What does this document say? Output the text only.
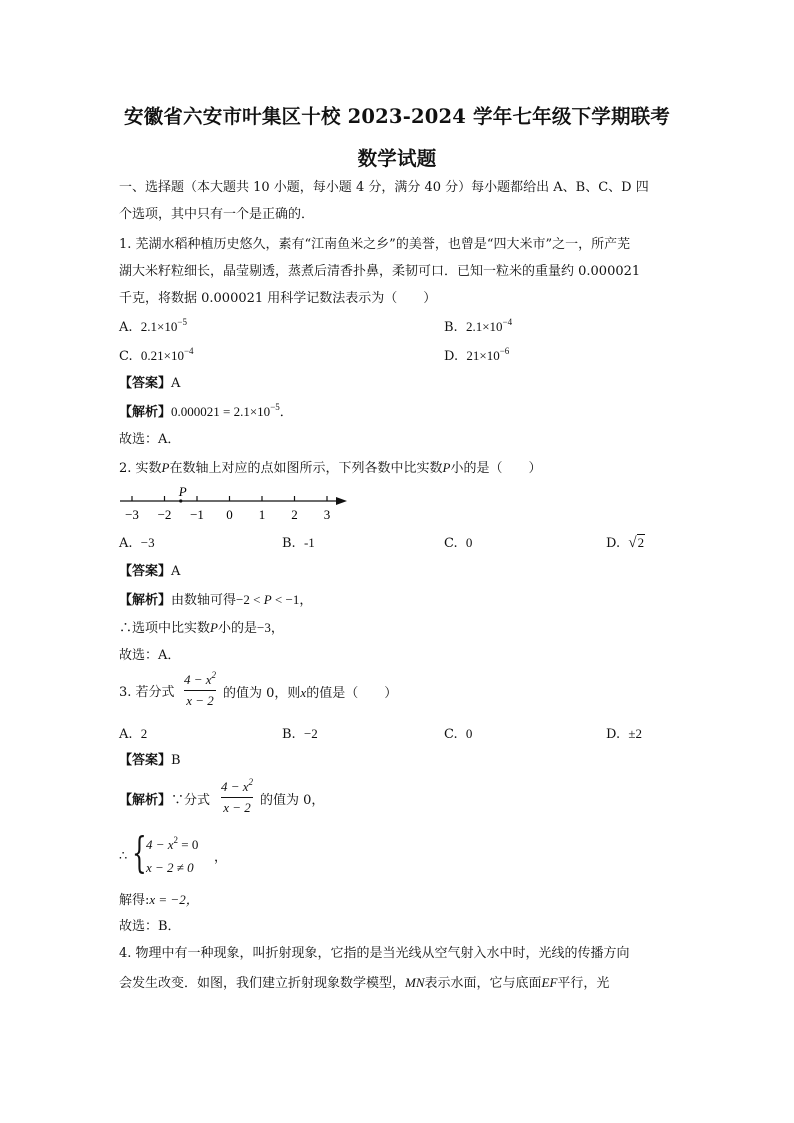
安徽省六安市叶集区十校 2023-2024 学年七年级下学期联考
数学试题
一、选择题（本大题共 10 小题，每小题 4 分，满分 40 分）每小题都给出 A、B、C、D 四
个选项，其中只有一个是正确的．
1. 芜湖水稻种植历史悠久，素有“江南鱼米之乡”的美誉，也曾是“四大米市”之一，所产芜
湖大米籽粒细长，晶莹剔透，蒸煮后清香扑鼻，柔韧可口．已知一粒米的重量约 0.000021
千克，将数据 0.000021 用科学记数法表示为（　　）
A. $2.1\times 10^{-5}$	B. $2.1\times 10^{-4}$
C. $0.21\times 10^{-4}$	D. $21\times 10^{-6}$
【答案】A
【解析】$0.000021 = 2.1\times 10^{-5}$．
故选：A．
2. 实数P在数轴上对应的点如图所示，下列各数中比实数P小的是（　　）
−3 −2 −1 0 1 2 3
P
A. −3	B. -1	C. 0	D. √2
【答案】A
【解析】由数轴可得−2 < P < −1，
∴选项中比实数P小的是−3，
故选：A．
3. 若分式
$4 - x^2$
x − 2 的值为 0，则x的值是（　　）
A. 2	B. −2	C. 0	D. ±2
【答案】B
【解析】∵分式
$4 - x^2$
x − 2 的值为 0，
∴ { $4 - x^2 = 0$
x − 2 ≠ 0
，
解得:x = −2，
故选：B．
4. 物理中有一种现象，叫折射现象，它指的是当光线从空气射入水中时，光线的传播方向
会发生改变．如图，我们建立折射现象数学模型，MN表示水面，它与底面EF平行，光
